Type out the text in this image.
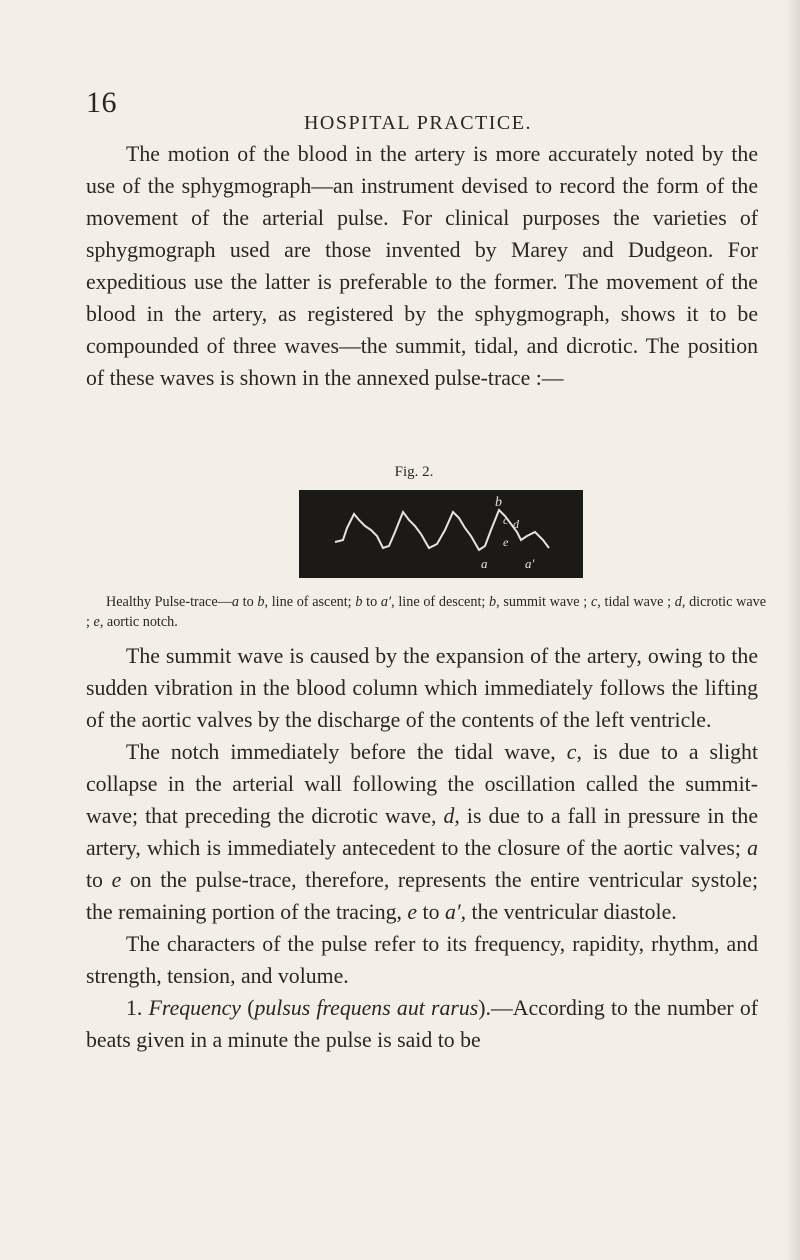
16
HOSPITAL PRACTICE.

The motion of the blood in the artery is more accurately noted by the use of the sphygmograph—an instrument devised to record the form of the movement of the arterial pulse. For clinical purposes the varieties of sphygmograph used are those invented by Marey and Dudgeon. For expeditious use the latter is preferable to the former. The movement of the blood in the artery, as registered by the sphygmograph, shows it to be compounded of three waves—the summit, tidal, and dicrotic. The position of these waves is shown in the annexed pulse-trace :—

Fig. 2.
b
c d
e
a	a′

Healthy Pulse-trace—a to b, line of ascent; b to a′, line of descent; b, summit wave ; c, tidal wave ; d, dicrotic wave ; e, aortic notch.

The summit wave is caused by the expansion of the artery, owing to the sudden vibration in the blood column which immediately follows the lifting of the aortic valves by the discharge of the contents of the left ventricle.

The notch immediately before the tidal wave, c, is due to a slight collapse in the arterial wall following the oscillation called the summit-wave; that preceding the dicrotic wave, d, is due to a fall in pressure in the artery, which is immediately antecedent to the closure of the aortic valves; a to e on the pulse-trace, therefore, represents the entire ventricular systole; the remaining portion of the tracing, e to a′, the ventricular diastole.

The characters of the pulse refer to its frequency, rapidity, rhythm, and strength, tension, and volume.

1. Frequency (pulsus frequens aut rarus).—According to the number of beats given in a minute the pulse is said to be
